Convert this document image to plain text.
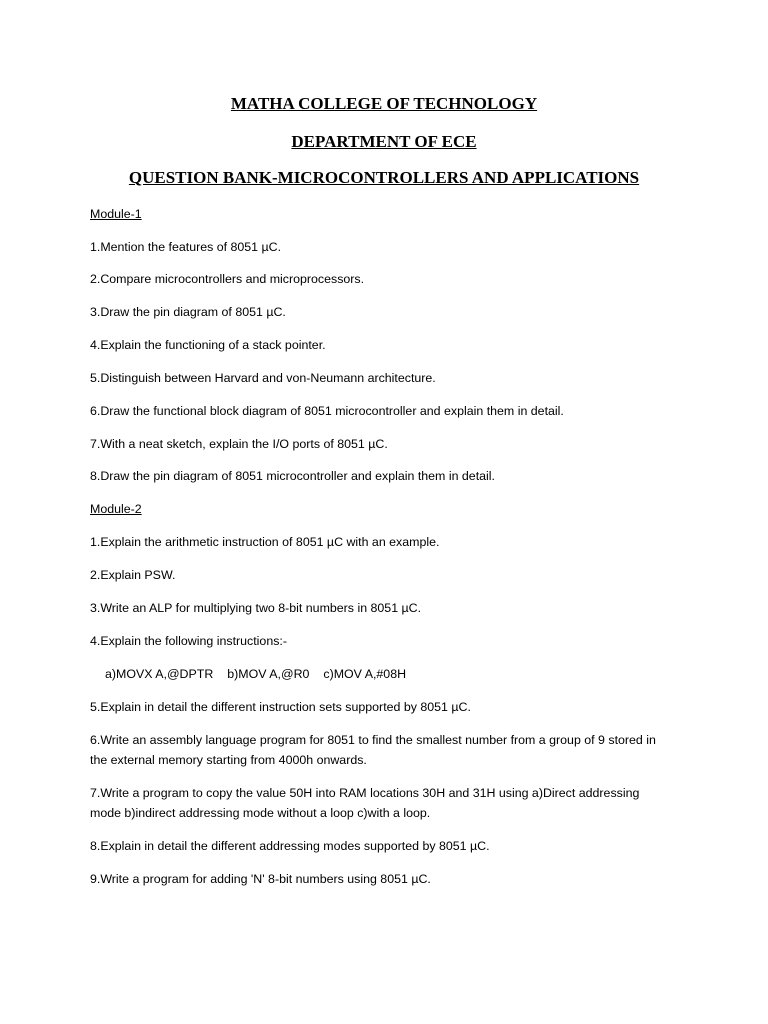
MATHA COLLEGE OF TECHNOLOGY
DEPARTMENT OF ECE
QUESTION BANK-MICROCONTROLLERS AND APPLICATIONS
Module-1
1.Mention the features of 8051 µC.
2.Compare microcontrollers and microprocessors.
3.Draw the pin diagram of 8051 µC.
4.Explain the functioning of a stack pointer.
5.Distinguish between Harvard and von-Neumann architecture.
6.Draw the functional block diagram of 8051 microcontroller and explain them in detail.
7.With a neat sketch, explain the I/O ports of 8051 µC.
8.Draw the pin diagram of 8051 microcontroller and explain them in detail.
Module-2
1.Explain the arithmetic instruction of 8051 µC with an example.
2.Explain PSW.
3.Write an ALP for multiplying two 8-bit numbers in 8051 µC.
4.Explain the following instructions:-
a)MOVX A,@DPTR b)MOV A,@R0 c)MOV A,#08H
5.Explain in detail the different instruction sets supported by 8051 µC.
6.Write an assembly language program for 8051 to find the smallest number from a group of 9 stored in
the external memory starting from 4000h onwards.
7.Write a program to copy the value 50H into RAM locations 30H and 31H using a)Direct addressing
mode b)indirect addressing mode without a loop c)with a loop.
8.Explain in detail the different addressing modes supported by 8051 µC.
9.Write a program for adding 'N' 8-bit numbers using 8051 µC.
